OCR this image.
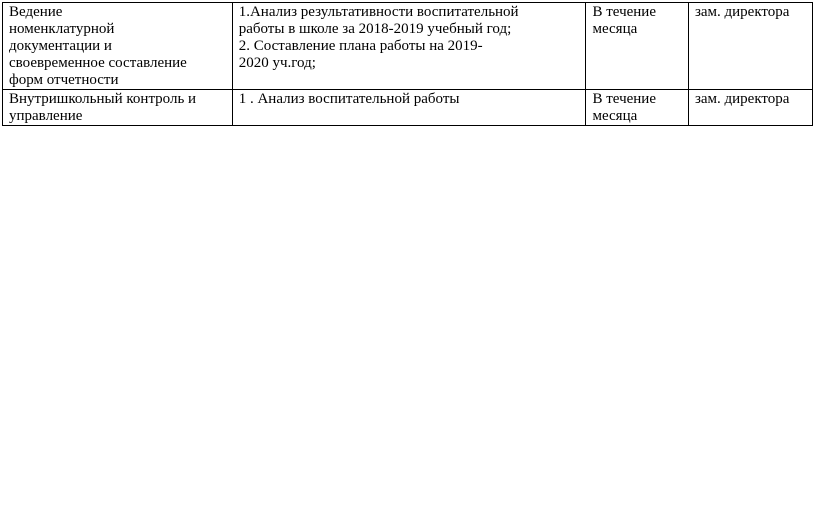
Ведение
номенклатурной
документации и
своевременное составление
форм отчетности	1.Анализ результативности воспитательной
работы в школе за 2018-2019 учебный год;
2. Составление плана работы на 2019-
2020 уч.год;	В течение
месяца	зам. директора

Внутришкольный контроль и
управление	1 . Анализ воспитательной работы	В течение
месяца	зам. директора
